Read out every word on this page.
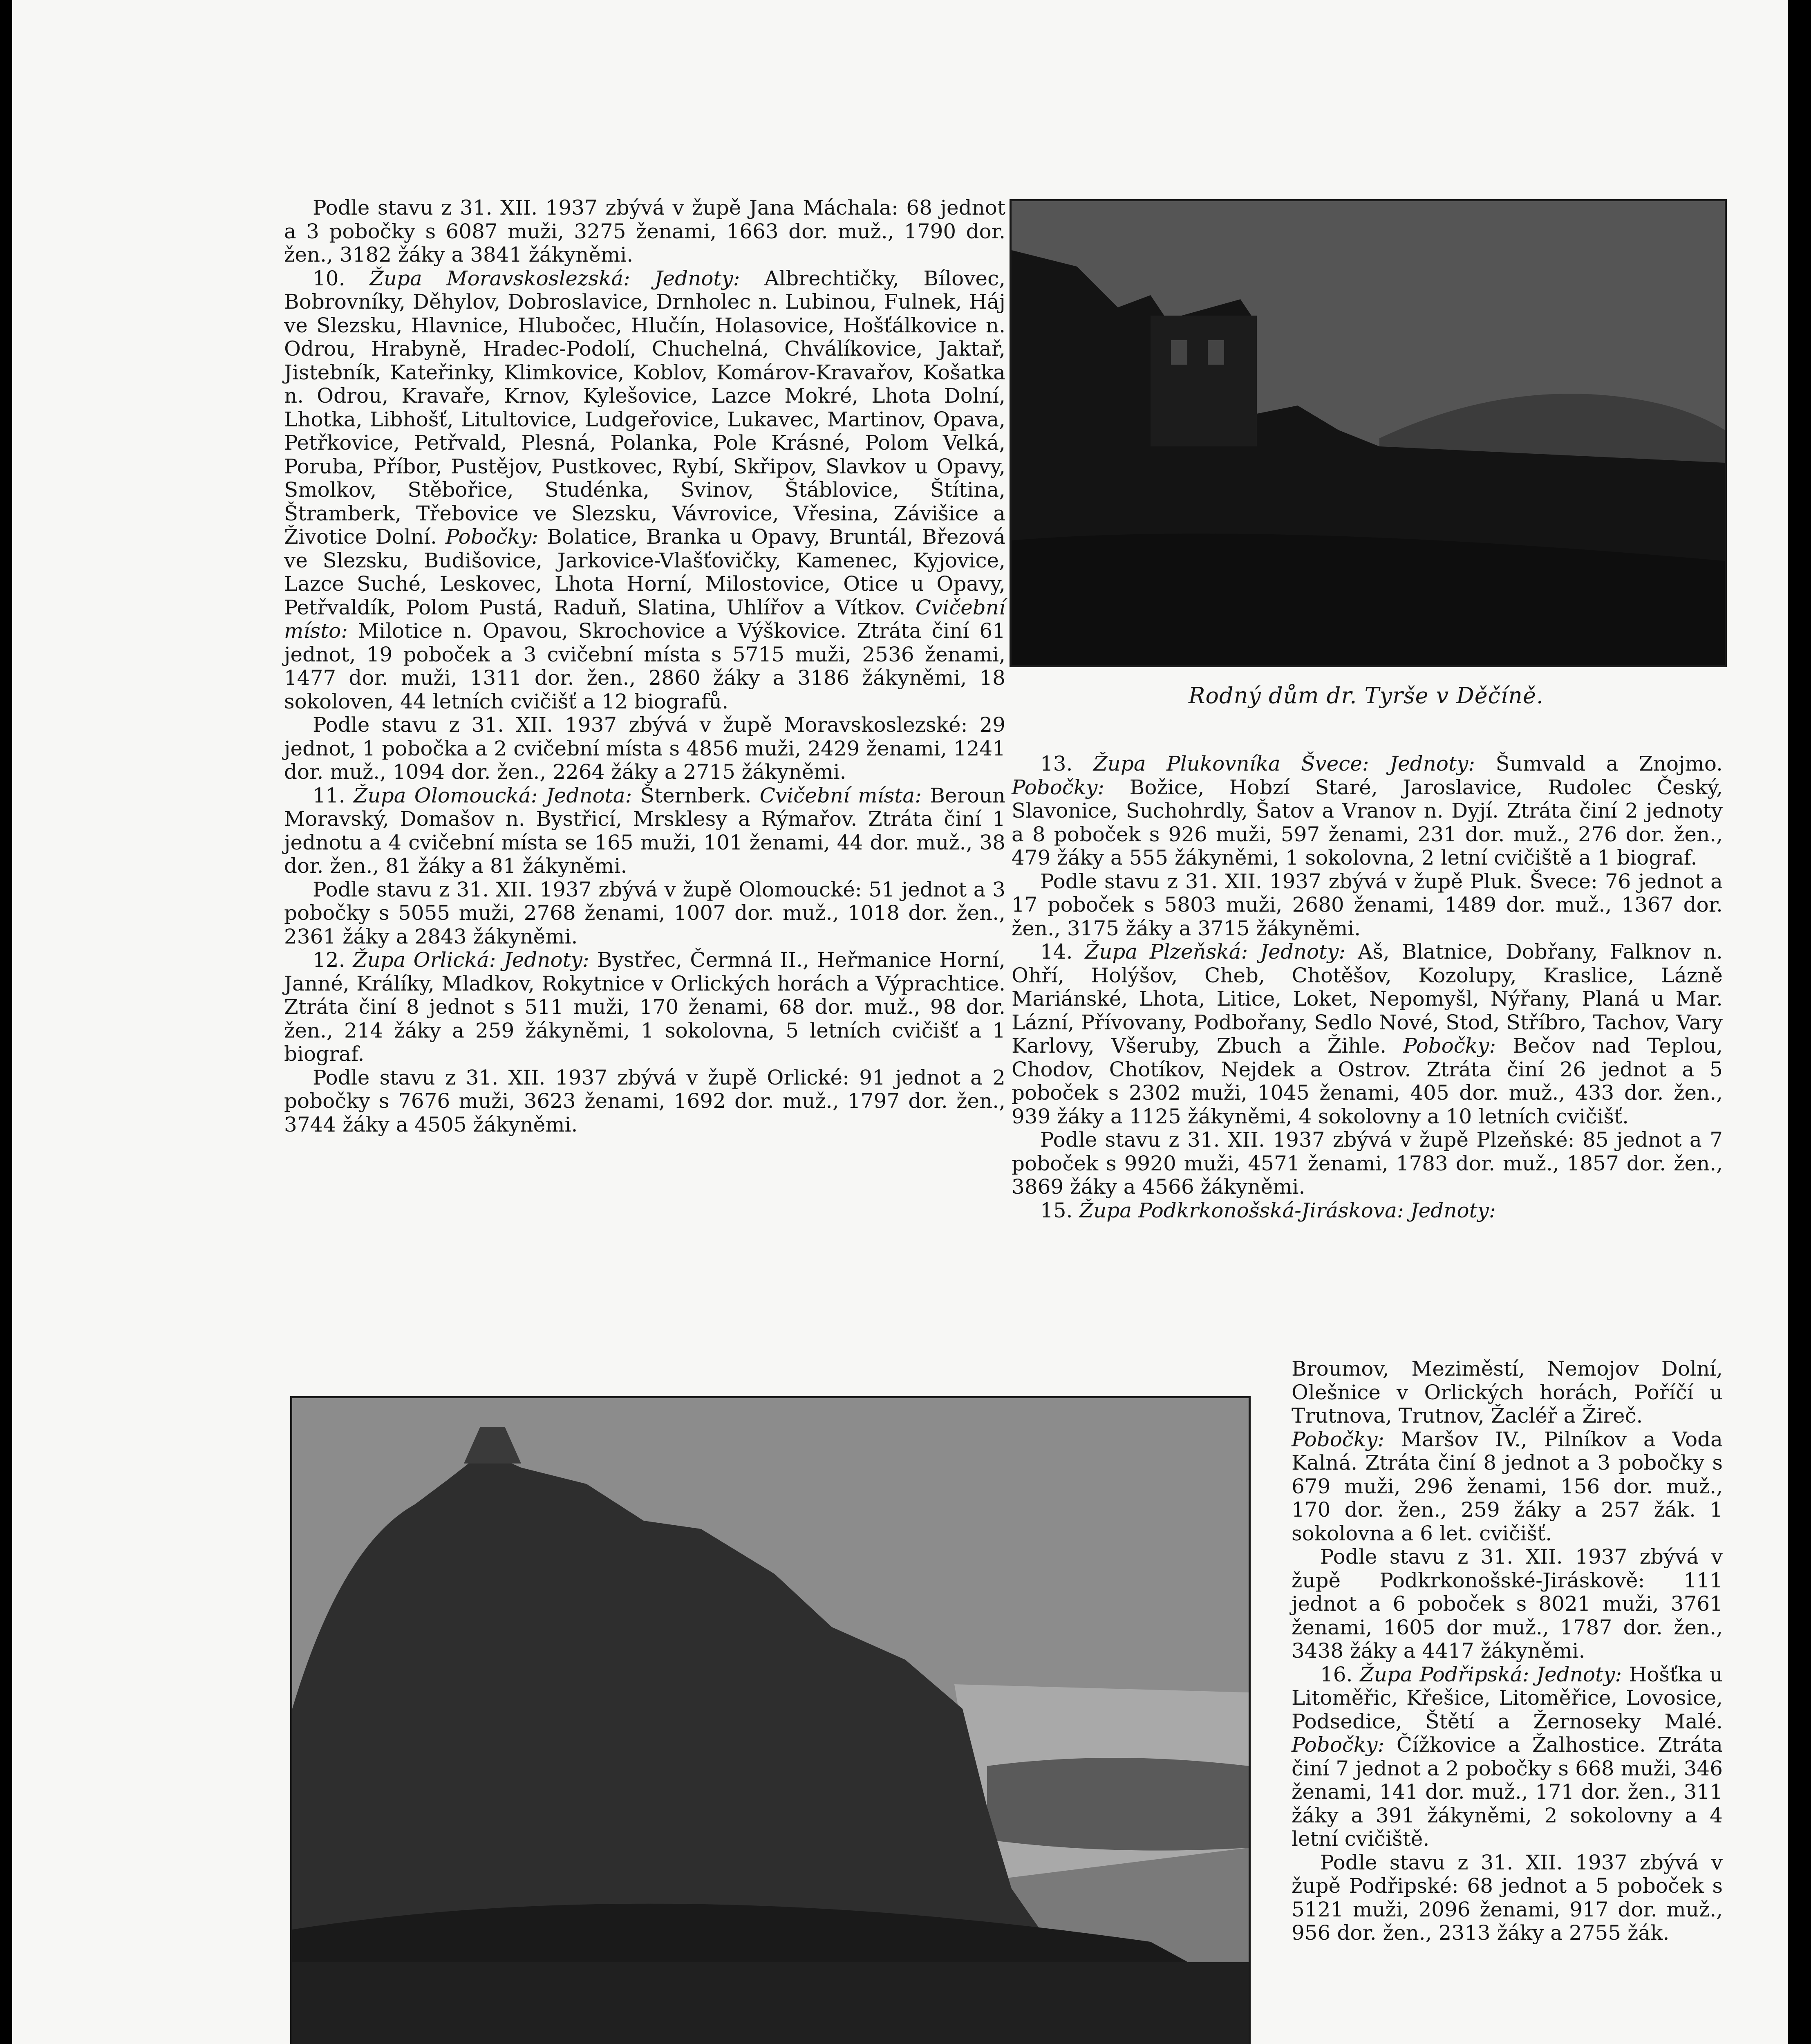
Podle stavu z 31. XII. 1937 zbývá v župě Jana Máchala: 68 jednot a 3 pobočky s 6087 muži, 3275 ženami, 1663 dor. muž., 1790 dor. žen., 3182 žáky a 3841 žákyněmi.

10. Župa Moravskoslezská: Jednoty: Albrechtičky, Bílovec, Bobrovníky, Děhylov, Dobroslavice, Drnholec n. Lubinou, Fulnek, Háj ve Slezsku, Hlavnice, Hlubočec, Hlučín, Holasovice, Hošťálkovice n. Odrou, Hrabyně, Hradec-Podolí, Chuchelná, Chválíkovice, Jaktař, Jistebník, Kateřinky, Klimkovice, Koblov, Komárov-Kravařov, Košatka n. Odrou, Kravaře, Krnov, Kylešovice, Lazce Mokré, Lhota Dolní, Lhotka, Libhošť, Litultovice, Ludgeřovice, Lukavec, Martinov, Opava, Petřkovice, Petřvald, Plesná, Polanka, Pole Krásné, Polom Velká, Poruba, Příbor, Pustějov, Pustkovec, Rybí, Skřipov, Slavkov u Opavy, Smolkov, Stěbořice, Studénka, Svinov, Štáblovice, Štítina, Štramberk, Třebovice ve Slezsku, Vávrovice, Vřesina, Závišice a Životice Dolní. Pobočky: Bolatice, Branka u Opavy, Bruntál, Březová ve Slezsku, Budišovice, Jarkovice-Vlašťovičky, Kamenec, Kyjovice, Lazce Suché, Leskovec, Lhota Horní, Milostovice, Otice u Opavy, Petřvaldík, Polom Pustá, Raduň, Slatina, Uhlířov a Vítkov. Cvičební místo: Milotice n. Opavou, Skrochovice a Výškovice. Ztráta činí 61 jednot, 19 poboček a 3 cvičební místa s 5715 muži, 2536 ženami, 1477 dor. muži, 1311 dor. žen., 2860 žáky a 3186 žákyněmi, 18 sokoloven, 44 letních cvičišť a 12 biografů.

Podle stavu z 31. XII. 1937 zbývá v župě Moravskoslezské: 29 jednot, 1 pobočka a 2 cvičební místa s 4856 muži, 2429 ženami, 1241 dor. muž., 1094 dor. žen., 2264 žáky a 2715 žákyněmi.

11. Župa Olomoucká: Jednota: Šternberk. Cvičební místa: Beroun Moravský, Domašov n. Bystřicí, Mrsklesy a Rýmařov. Ztráta činí 1 jednotu a 4 cvičební místa se 165 muži, 101 ženami, 44 dor. muž., 38 dor. žen., 81 žáky a 81 žákyněmi.

Podle stavu z 31. XII. 1937 zbývá v župě Olomoucké: 51 jednot a 3 pobočky s 5055 muži, 2768 ženami, 1007 dor. muž., 1018 dor. žen., 2361 žáky a 2843 žákyněmi.

12. Župa Orlická: Jednoty: Bystřec, Čermná II., Heřmanice Horní, Janné, Králíky, Mladkov, Rokytnice v Orlických horách a Výprachtice. Ztráta činí 8 jednot s 511 muži, 170 ženami, 68 dor. muž., 98 dor. žen., 214 žáky a 259 žákyněmi, 1 sokolovna, 5 letních cvičišť a 1 biograf.

Podle stavu z 31. XII. 1937 zbývá v župě Orlické: 91 jednot a 2 pobočky s 7676 muži, 3623 ženami, 1692 dor. muž., 1797 dor. žen., 3744 žáky a 4505 žákyněmi.

Rodný dům dr. Tyrše v Děčíně.

13. Župa Plukovníka Švece: Jednoty: Šumvald a Znojmo. Pobočky: Božice, Hobzí Staré, Jaroslavice, Rudolec Český, Slavonice, Suchohrdly, Šatov a Vranov n. Dyjí. Ztráta činí 2 jednoty a 8 poboček s 926 muži, 597 ženami, 231 dor. muž., 276 dor. žen., 479 žáky a 555 žákyněmi, 1 sokolovna, 2 letní cvičiště a 1 biograf.

Podle stavu z 31. XII. 1937 zbývá v župě Pluk. Švece: 76 jednot a 17 poboček s 5803 muži, 2680 ženami, 1489 dor. muž., 1367 dor. žen., 3175 žáky a 3715 žákyněmi.

14. Župa Plzeňská: Jednoty: Aš, Blatnice, Dobřany, Falknov n. Ohří, Holýšov, Cheb, Chotěšov, Kozolupy, Kraslice, Lázně Mariánské, Lhota, Litice, Loket, Nepomyšl, Nýřany, Planá u Mar. Lázní, Přívovany, Podbořany, Sedlo Nové, Stod, Stříbro, Tachov, Vary Karlovy, Všeruby, Zbuch a Žihle. Pobočky: Bečov nad Teplou, Chodov, Chotíkov, Nejdek a Ostrov. Ztráta činí 26 jednot a 5 poboček s 2302 muži, 1045 ženami, 405 dor. muž., 433 dor. žen., 939 žáky a 1125 žákyněmi, 4 sokolovny a 10 letních cvičišť.

Podle stavu z 31. XII. 1937 zbývá v župě Plzeňské: 85 jednot a 7 poboček s 9920 muži, 4571 ženami, 1783 dor. muž., 1857 dor. žen., 3869 žáky a 4566 žákyněmi.

15. Župa Podkrkonošská-Jiráskova: Jednoty:

Broumov, Meziměstí, Nemojov Dolní, Olešnice v Orlických horách, Poříčí u Trutnova, Trutnov, Žacléř a Žireč.

Pobočky: Maršov IV., Pilníkov a Voda Kalná. Ztráta činí 8 jednot a 3 pobočky s 679 muži, 296 ženami, 156 dor. muž., 170 dor. žen., 259 žáky a 257 žák. 1 sokolovna a 6 let. cvičišť.

Podle stavu z 31. XII. 1937 zbývá v župě Podkrkonošské-Jiráskově: 111 jednot a 6 poboček s 8021 muži, 3761 ženami, 1605 dor muž., 1787 dor. žen., 3438 žáky a 4417 žákyněmi.

16. Župa Podřipská: Jednoty: Hošťka u Litoměřic, Křešice, Litoměřice, Lovosice, Podsedice, Štětí a Žernoseky Malé. Pobočky: Čížkovice a Žalhostice. Ztráta činí 7 jednot a 2 pobočky s 668 muži, 346 ženami, 141 dor. muž., 171 dor. žen., 311 žáky a 391 žákyněmi, 2 sokolovny a 4 letní cvičiště.

Podle stavu z 31. XII. 1937 zbývá v župě Podřipské: 68 jednot a 5 poboček s 5121 muži, 2096 ženami, 917 dor. muž., 956 dor. žen., 2313 žáky a 2755 žák.
